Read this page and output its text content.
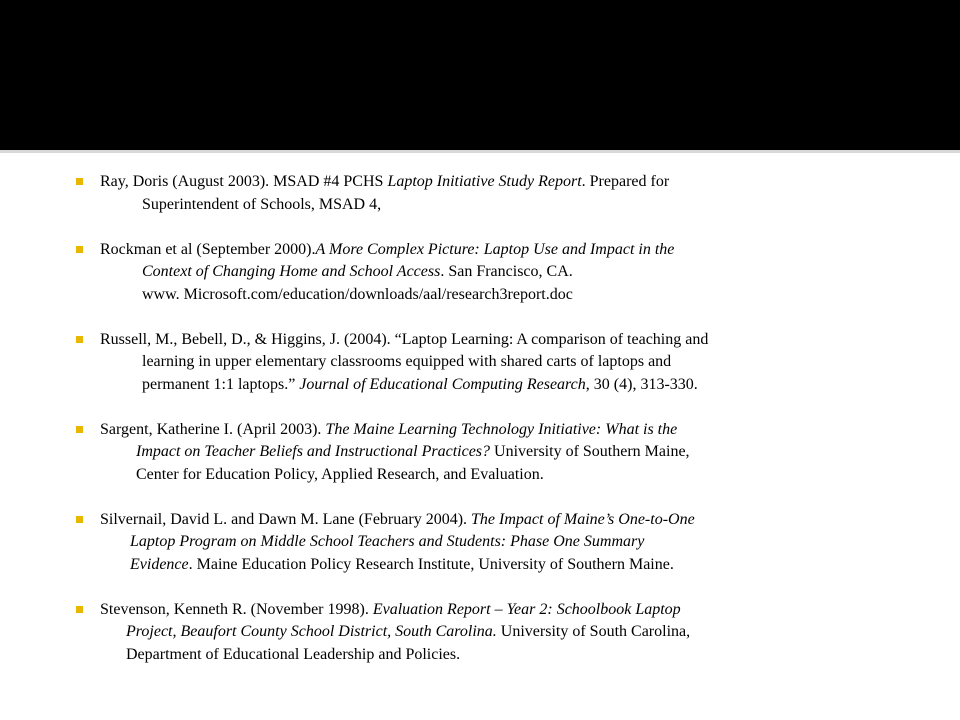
Ray, Doris (August 2003). MSAD #4 PCHS Laptop Initiative Study Report. Prepared for
Superintendent of Schools, MSAD 4,
Rockman et al (September 2000).A More Complex Picture: Laptop Use and Impact in the
Context of Changing Home and School Access. San Francisco, CA.
www. Microsoft.com/education/downloads/aal/research3report.doc
Russell, M., Bebell, D., & Higgins, J. (2004). “Laptop Learning: A comparison of teaching and
learning in upper elementary classrooms equipped with shared carts of laptops and
permanent 1:1 laptops.” Journal of Educational Computing Research, 30 (4), 313-330.
Sargent, Katherine I. (April 2003). The Maine Learning Technology Initiative: What is the
Impact on Teacher Beliefs and Instructional Practices? University of Southern Maine,
Center for Education Policy, Applied Research, and Evaluation.
Silvernail, David L. and Dawn M. Lane (February 2004). The Impact of Maine’s One-to-One
Laptop Program on Middle School Teachers and Students: Phase One Summary
Evidence. Maine Education Policy Research Institute, University of Southern Maine.
Stevenson, Kenneth R. (November 1998). Evaluation Report – Year 2: Schoolbook Laptop
Project, Beaufort County School District, South Carolina. University of South Carolina,
Department of Educational Leadership and Policies.
